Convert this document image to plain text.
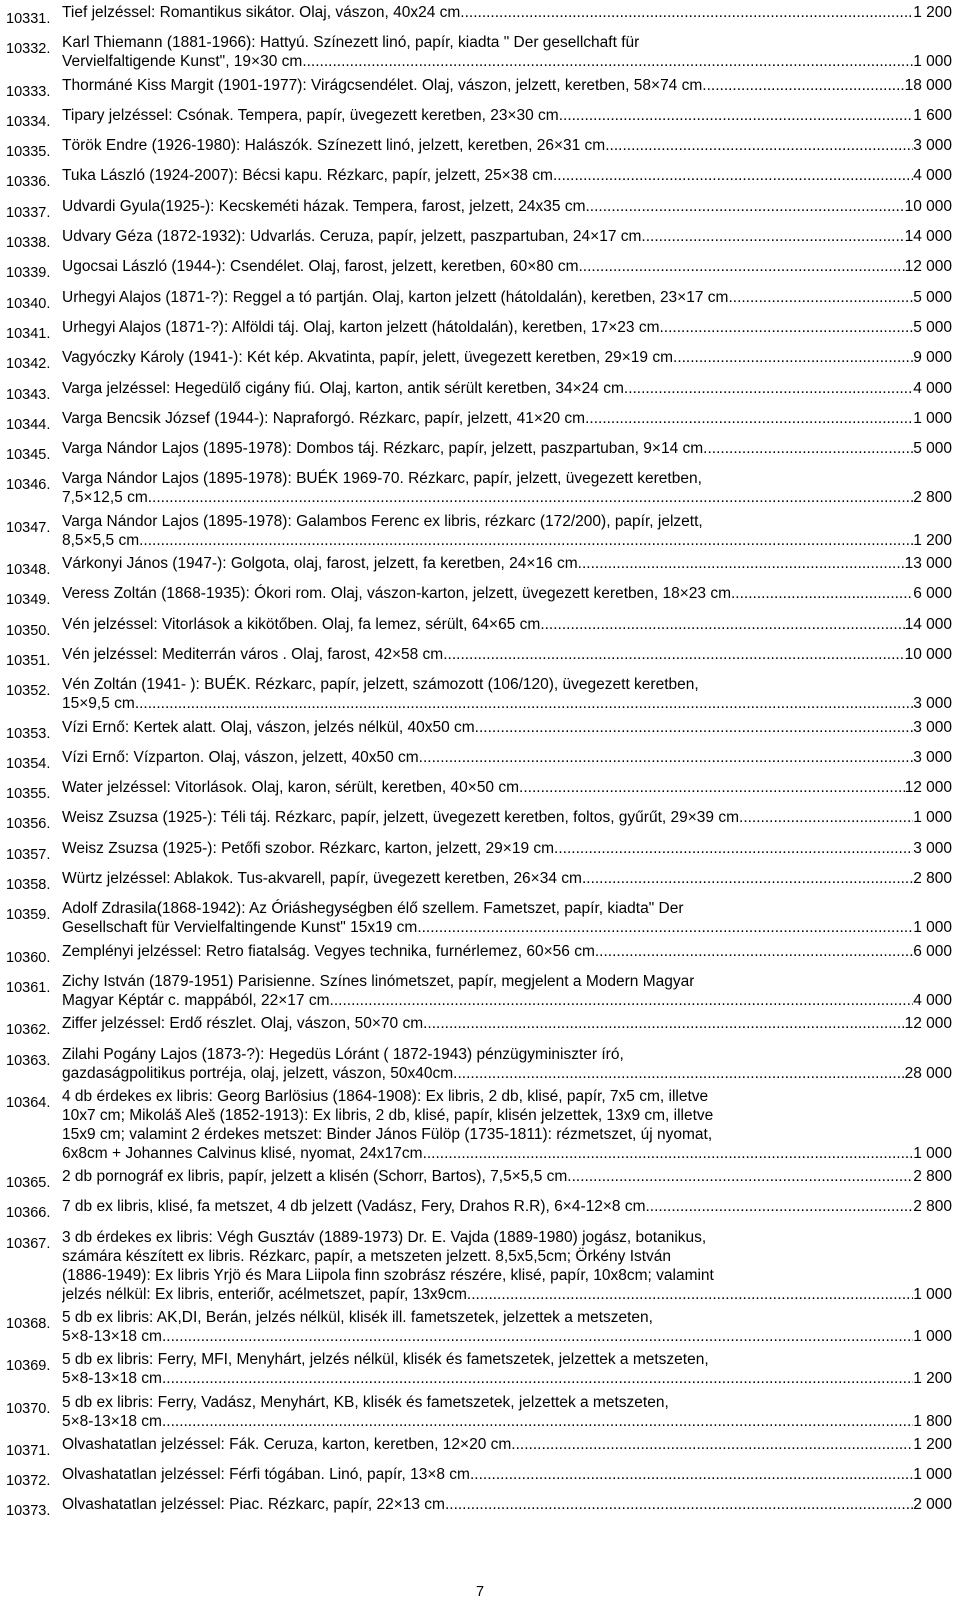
10331. Tief jelzéssel: Romantikus sikátor. Olaj, vászon, 40x24 cm .....	1 200
10332. Karl Thiemann (1881-1966): Hattyú. Színezett linó, papír, kiadta " Der gesellchaft für
Vervielfaltigende Kunst", 19×30 cm .....	1 000
10333. Thormáné Kiss Margit (1901-1977): Virágcsendélet. Olaj, vászon, jelzett, keretben, 58×74 cm .....	18 000
10334. Tipary jelzéssel: Csónak. Tempera, papír, üvegezett keretben, 23×30 cm .....	1 600
10335. Török Endre (1926-1980): Halászók. Színezett linó, jelzett, keretben, 26×31 cm .....	3 000
10336. Tuka László (1924-2007): Bécsi kapu. Rézkarc, papír, jelzett, 25×38 cm .....	4 000
10337. Udvardi Gyula(1925-): Kecskeméti házak. Tempera, farost, jelzett, 24x35 cm .....	10 000
10338. Udvary Géza (1872-1932): Udvarlás. Ceruza, papír, jelzett, paszpartuban, 24×17 cm .....	14 000
10339. Ugocsai László (1944-): Csendélet. Olaj, farost, jelzett, keretben, 60×80 cm .....	12 000
10340. Urhegyi Alajos (1871-?): Reggel a tó partján. Olaj, karton jelzett (hátoldalán), keretben, 23×17 cm .....	5 000
10341. Urhegyi Alajos (1871-?): Alföldi táj. Olaj, karton jelzett (hátoldalán), keretben, 17×23 cm .....	5 000
10342. Vagyóczky Károly (1941-): Két kép. Akvatinta, papír, jelett, üvegezett keretben, 29×19 cm .....	9 000
10343. Varga jelzéssel: Hegedülő cigány fiú. Olaj, karton, antik sérült keretben, 34×24 cm .....	4 000
10344. Varga Bencsik József (1944-): Napraforgó. Rézkarc, papír, jelzett, 41×20 cm .....	1 000
10345. Varga Nándor Lajos (1895-1978): Dombos táj. Rézkarc, papír, jelzett, paszpartuban, 9×14 cm .....	5 000
10346. Varga Nándor Lajos (1895-1978): BUÉK 1969-70. Rézkarc, papír, jelzett, üvegezett keretben,
7,5×12,5 cm .....	2 800
10347. Varga Nándor Lajos (1895-1978): Galambos Ferenc ex libris, rézkarc (172/200), papír, jelzett,
8,5×5,5 cm .....	1 200
10348. Várkonyi János (1947-): Golgota, olaj, farost, jelzett, fa keretben, 24×16 cm .....	13 000
10349. Veress Zoltán (1868-1935): Ókori rom. Olaj, vászon-karton, jelzett, üvegezett keretben, 18×23 cm .....	6 000
10350. Vén jelzéssel: Vitorlások a kikötőben. Olaj, fa lemez, sérült, 64×65 cm .....	14 000
10351. Vén jelzéssel: Mediterrán város . Olaj, farost, 42×58 cm .....	10 000
10352. Vén Zoltán (1941- ): BUÉK. Rézkarc, papír, jelzett, számozott (106/120), üvegezett keretben,
15×9,5 cm .....	3 000
10353. Vízi Ernő: Kertek alatt. Olaj, vászon, jelzés nélkül, 40x50 cm .....	3 000
10354. Vízi Ernő: Vízparton. Olaj, vászon, jelzett, 40x50 cm .....	3 000
10355. Water jelzéssel: Vitorlások. Olaj, karon, sérült, keretben, 40×50 cm .....	12 000
10356. Weisz Zsuzsa (1925-): Téli táj. Rézkarc, papír, jelzett, üvegezett keretben, foltos, gyűrűt, 29×39 cm. .....	1 000
10357. Weisz Zsuzsa (1925-): Petőfi szobor. Rézkarc, karton, jelzett, 29×19 cm .....	3 000
10358. Würtz jelzéssel: Ablakok. Tus-akvarell, papír, üvegezett keretben, 26×34 cm .....	2 800
10359. Adolf Zdrasila(1868-1942): Az Óriáshegységben élő szellem. Fametszet, papír, kiadta" Der
Gesellschaft für Vervielfaltingende Kunst" 15x19 cm .....	1 000
10360. Zemplényi jelzéssel: Retro fiatalság. Vegyes technika, furnérlemez, 60×56 cm .....	6 000
10361. Zichy István (1879-1951) Parisienne. Színes linómetszet, papír, megjelent a Modern Magyar
Magyar Képtár c. mappából, 22×17 cm .....	4 000
10362. Ziffer jelzéssel: Erdő részlet. Olaj, vászon, 50×70 cm .....	12 000
10363. Zilahi Pogány Lajos (1873-?): Hegedüs Lóránt ( 1872-1943) pénzügyminiszter író,
gazdaságpolitikus portréja, olaj, jelzett, vászon, 50x40cm .....	28 000
10364. 4 db érdekes ex libris: Georg Barlösius (1864-1908): Ex libris, 2 db, klisé, papír, 7x5 cm, illetve
10x7 cm; Mikoláš Aleš (1852-1913): Ex libris, 2 db, klisé, papír, klisén jelzettek, 13x9 cm, illetve
15x9 cm; valamint 2 érdekes metszet: Binder János Fülöp (1735-1811): rézmetszet, új nyomat,
6x8cm + Johannes Calvinus klisé, nyomat, 24x17cm .....	1 000
10365. 2 db pornográf ex libris, papír, jelzett a klisén (Schorr, Bartos), 7,5×5,5 cm .....	2 800
10366. 7 db ex libris, klisé, fa metszet, 4 db jelzett (Vadász, Fery, Drahos R.R), 6×4-12×8 cm .....	2 800
10367. 3 db érdekes ex libris: Végh Gusztáv (1889-1973) Dr. E. Vajda (1889-1980) jogász, botanikus,
számára készített ex libris. Rézkarc, papír, a metszeten jelzett. 8,5x5,5cm; Örkény István
(1886-1949): Ex libris Yrjö és Mara Liipola finn szobrász részére, klisé, papír, 10x8cm; valamint
jelzés nélkül: Ex libris, enteriőr, acélmetszet, papír, 13x9cm .....	1 000
10368. 5 db ex libris: AK,DI, Berán, jelzés nélkül, klisék ill. fametszetek, jelzettek a metszeten,
5×8-13×18 cm .....	1 000
10369. 5 db ex libris: Ferry, MFI, Menyhárt, jelzés nélkül, klisék és fametszetek, jelzettek a metszeten,
5×8-13×18 cm .....	1 200
10370. 5 db ex libris: Ferry, Vadász, Menyhárt, KB, klisék és fametszetek, jelzettek a metszeten,
5×8-13×18 cm .....	1 800
10371. Olvashatatlan jelzéssel: Fák. Ceruza, karton, keretben, 12×20 cm .....	1 200
10372. Olvashatatlan jelzéssel: Férfi tógában. Linó, papír, 13×8 cm .....	1 000
10373. Olvashatatlan jelzéssel: Piac. Rézkarc, papír, 22×13 cm .....	2 000
7
